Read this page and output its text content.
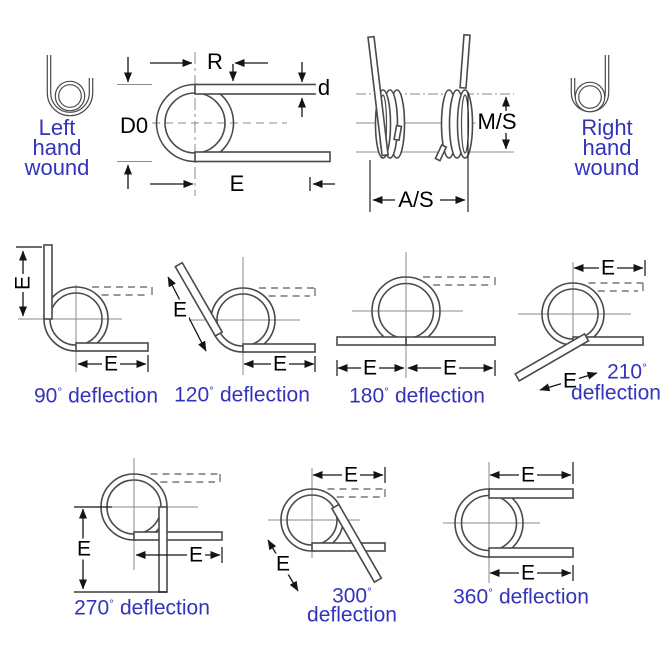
Left
hand
wound
Right
hand
wound
R
d
D0
E
M/S
A/S
E
E
E
E	E	E
E
E
E	E
E
E
E
E
90° deflection 120° deflection 180° deflection
210°
deflection
270° deflection
300°
deflection
360° deflection
